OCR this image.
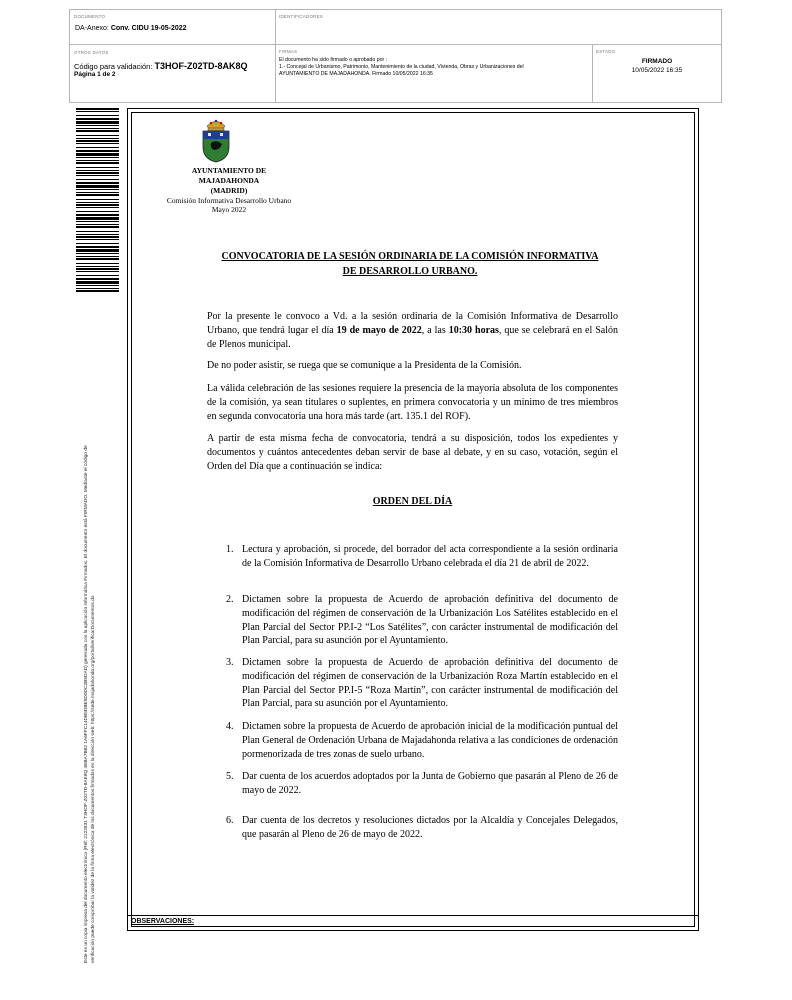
DOCUMENTO
DA-Anexo: Conv. CIDU 19-05-2022
IDENTIFICADORES
OTROS DATOS
Código para validación: T3HOF-Z02TD-8AK8Q
Página 1 de 2
FIRMAS
El documento ha sido firmado o aprobado por :
1.- Concejal de Urbanismo, Patrimonio, Mantenimiento de la ciudad, Vivienda, Obras y Urbanizaciones del
AYUNTAMIENTO DE MAJADAHONDA. Firmado 10/05/2022 16:35
ESTADO
FIRMADO
10/05/2022 16:35
Este es un copia impresa del documento electrónico (Ref: 2122831 T3HOF-Z02TD-8AK8Q 4EBA7B82 1A6FFC14DB5DBE5D0DC2B5DAD) generada con la aplicación informática Firmadoc. El documento está FIRMADO. Mediante el código de verificación puede comprobar la validez de la firma electrónica de los documentos firmados en la dirección web: https://sede.majadahonda.org/portal/verificarDocumentos.do	OBSERVACIONES:
AYUNTAMIENTO DE
MAJADAHONDA
(MADRID)
Comisión Informativa Desarrollo Urbano
Mayo 2022
CONVOCATORIA DE LA SESIÓN ORDINARIA DE LA COMISIÓN INFORMATIVA
DE DESARROLLO URBANO.

Por la presente le convoco a Vd. a la sesión ordinaria de la Comisión Informativa de Desarrollo Urbano, que tendrá lugar el día 19 de mayo de 2022, a las 10:30 horas, que se celebrará en el Salón de Plenos municipal.

De no poder asistir, se ruega que se comunique a la Presidenta de la Comisión.

La válida celebración de las sesiones requiere la presencia de la mayoría absoluta de los componentes de la comisión, ya sean titulares o suplentes, en primera convocatoria y un mínimo de tres miembros en segunda convocatoria una hora más tarde (art. 135.1 del ROF).

A partir de esta misma fecha de convocatoria, tendrá a su disposición, todos los expedientes y documentos y cuántos antecedentes deban servir de base al debate, y en su caso, votación, según el Orden del Día que a continuación se indica:

ORDEN DEL DÍA
1. Lectura y aprobación, si procede, del borrador del acta correspondiente a la sesión ordinaria de la Comisión Informativa de Desarrollo Urbano celebrada el día 21 de abril de 2022.

2. Dictamen sobre la propuesta de Acuerdo de aprobación definitiva del documento de modificación del régimen de conservación de la Urbanización Los Satélites establecido en el Plan Parcial del Sector PP.I-2 “Los Satélites”, con carácter instrumental de modificación del Plan Parcial, para su asunción por el Ayuntamiento.

3. Dictamen sobre la propuesta de Acuerdo de aprobación definitiva del documento de modificación del régimen de conservación de la Urbanización Roza Martín establecido en el Plan Parcial del Sector PP.I-5 “Roza Martín”, con carácter instrumental de modificación del Plan Parcial, para su asunción por el Ayuntamiento.

4. Dictamen sobre la propuesta de Acuerdo de aprobación inicial de la modificación puntual del Plan General de Ordenación Urbana de Majadahonda relativa a las condiciones de ordenación pormenorizada de tres zonas de suelo urbano.

5. Dar cuenta de los acuerdos adoptados por la Junta de Gobierno que pasarán al Pleno de 26 de mayo de 2022.

6. Dar cuenta de los decretos y resoluciones dictados por la Alcaldía y Concejales Delegados, que pasarán al Pleno de 26 de mayo de 2022.
